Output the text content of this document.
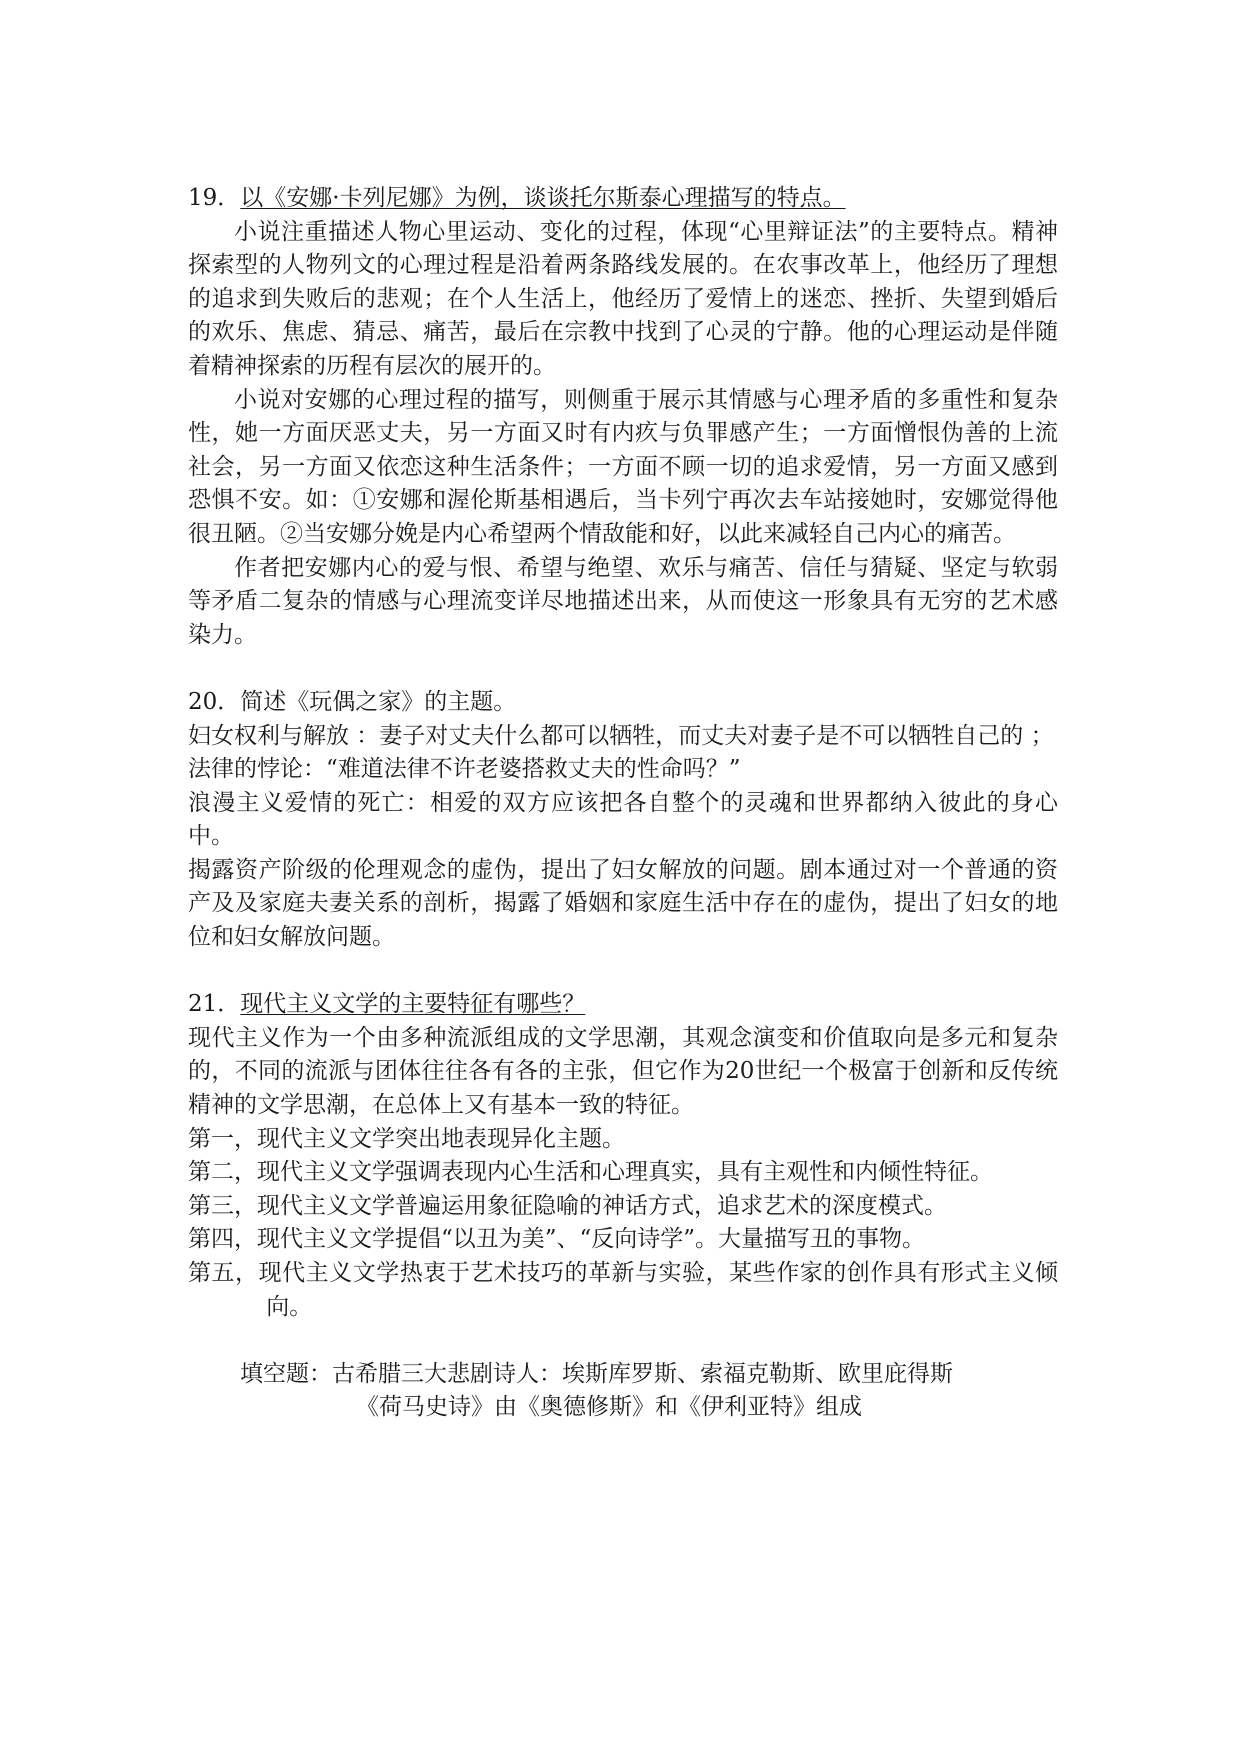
19．以《安娜·卡列尼娜》为例，谈谈托尔斯泰心理描写的特点。

小说注重描述人物心里运动、变化的过程，体现“心里辩证法”的主要特点。精神探索型的人物列文的心理过程是沿着两条路线发展的。在农事改革上，他经历了理想的追求到失败后的悲观；在个人生活上，他经历了爱情上的迷恋、挫折、失望到婚后的欢乐、焦虑、猜忌、痛苦，最后在宗教中找到了心灵的宁静。他的心理运动是伴随着精神探索的历程有层次的展开的。

小说对安娜的心理过程的描写，则侧重于展示其情感与心理矛盾的多重性和复杂性，她一方面厌恶丈夫，另一方面又时有内疚与负罪感产生；一方面憎恨伪善的上流社会，另一方面又依恋这种生活条件；一方面不顾一切的追求爱情，另一方面又感到恐惧不安。如：①安娜和渥伦斯基相遇后，当卡列宁再次去车站接她时，安娜觉得他很丑陋。②当安娜分娩是内心希望两个情敌能和好，以此来减轻自己内心的痛苦。

作者把安娜内心的爱与恨、希望与绝望、欢乐与痛苦、信任与猜疑、坚定与软弱等矛盾二复杂的情感与心理流变详尽地描述出来，从而使这一形象具有无穷的艺术感染力。

20．简述《玩偶之家》的主题。

妇女权利与解放 ：妻子对丈夫什么都可以牺牲，而丈夫对妻子是不可以牺牲自己的 ；

法律的悖论：“难道法律不许老婆搭救丈夫的性命吗？”

浪漫主义爱情的死亡：相爱的双方应该把各自整个的灵魂和世界都纳入彼此的身心中。

揭露资产阶级的伦理观念的虚伪，提出了妇女解放的问题。剧本通过对一个普通的资产及及家庭夫妻关系的剖析，揭露了婚姻和家庭生活中存在的虚伪，提出了妇女的地位和妇女解放问题。

21．现代主义文学的主要特征有哪些？

现代主义作为一个由多种流派组成的文学思潮，其观念演变和价值取向是多元和复杂的，不同的流派与团体往往各有各的主张，但它作为20世纪一个极富于创新和反传统精神的文学思潮，在总体上又有基本一致的特征。

第一，现代主义文学突出地表现异化主题。

第二，现代主义文学强调表现内心生活和心理真实，具有主观性和内倾性特征。

第三，现代主义文学普遍运用象征隐喻的神话方式，追求艺术的深度模式。

第四，现代主义文学提倡“以丑为美”、“反向诗学”。大量描写丑的事物。

第五，现代主义文学热衷于艺术技巧的革新与实验，某些作家的创作具有形式主义倾向。

填空题：古希腊三大悲剧诗人：埃斯库罗斯、索福克勒斯、欧里庇得斯

《荷马史诗》由《奥德修斯》和《伊利亚特》组成
